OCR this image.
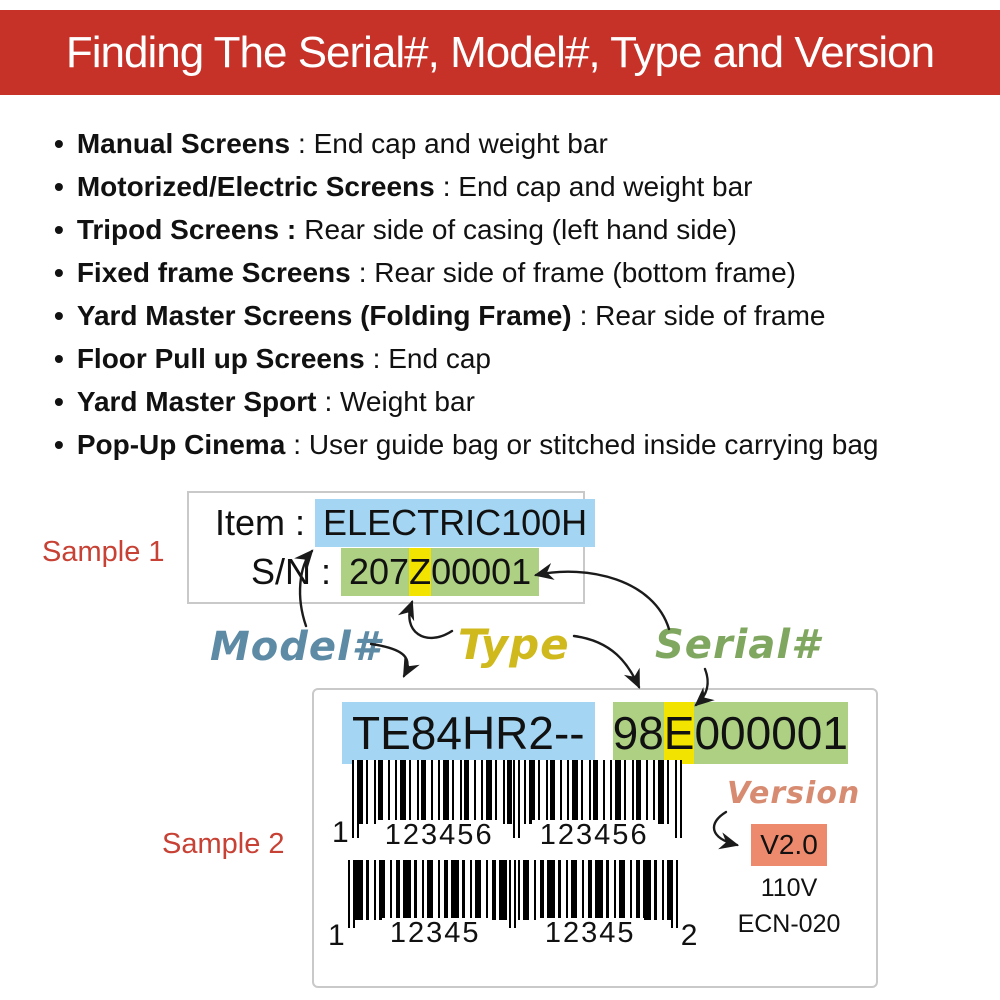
Finding The Serial#, Model#, Type and Version
• Manual Screens : End cap and weight bar
• Motorized/Electric Screens : End cap and weight bar
• Tripod Screens : Rear side of casing (left hand side)
• Fixed frame Screens : Rear side of frame (bottom frame)
• Yard Master Screens (Folding Frame) : Rear side of frame
• Floor Pull up Screens : End cap
• Yard Master Sport : Weight bar
• Pop-Up Cinema : User guide bag or stitched inside carrying bag
Sample 1
Item : ELECTRIC100H
S/N : 207 Z 00001
Model# Type Serial#
Sample 2
TE84HR2-- 98 E 000001
1 123456 123456
1 12345 12345 2
Version
V2.0
110V
ECN-020
